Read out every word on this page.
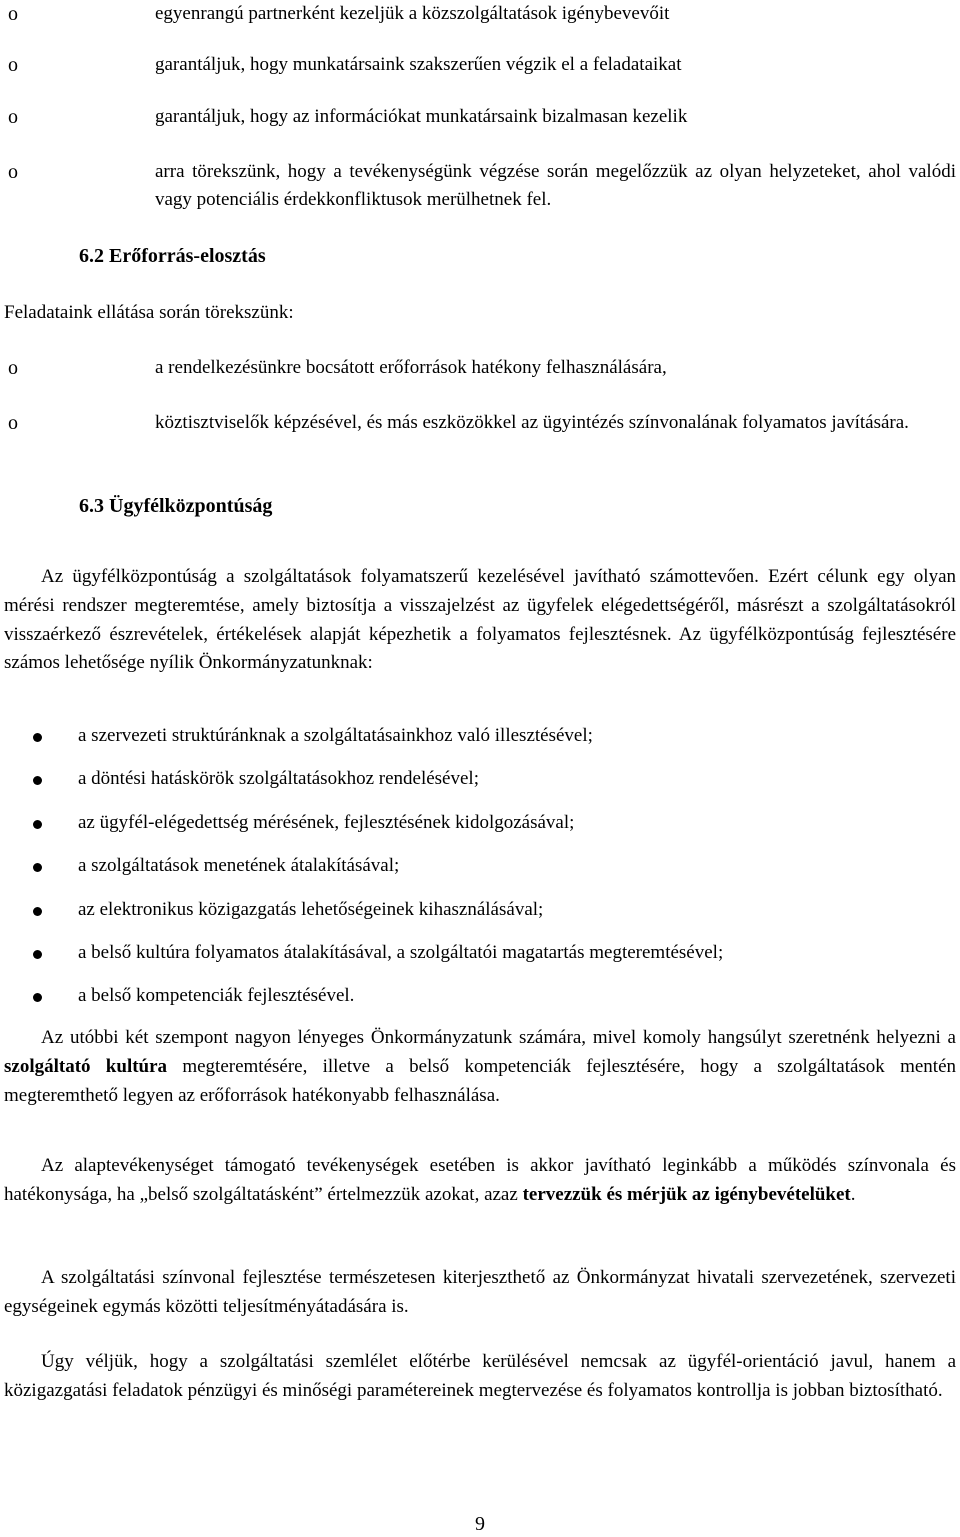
o	egyenrangú partnerként kezeljük a közszolgáltatások igénybevevőit
o	garantáljuk, hogy munkatársaink szakszerűen végzik el a feladataikat
o	garantáljuk, hogy az információkat munkatársaink bizalmasan kezelik
o	arra törekszünk, hogy a tevékenységünk végzése során megelőzzük az olyan helyzeteket, ahol valódi vagy potenciális érdekkonfliktusok merülhetnek fel.
6.2 Erőforrás-elosztás
Feladataink ellátása során törekszünk:
o	a rendelkezésünkre bocsátott erőforrások hatékony felhasználására,
o	köztisztviselők képzésével, és más eszközökkel az ügyintézés színvonalának folyamatos javítására.
6.3 Ügyfélközpontúság
Az ügyfélközpontúság a szolgáltatások folyamatszerű kezelésével javítható számottevően. Ezért célunk egy olyan mérési rendszer megteremtése, amely biztosítja a visszajelzést az ügyfelek elégedettségéről, másrészt a szolgáltatásokról visszaérkező észrevételek, értékelések alapját képezhetik a folyamatos fejlesztésnek. Az ügyfélközpontúság fejlesztésére számos lehetősége nyílik Önkormányzatunknak:
a szervezeti struktúránknak a szolgáltatásainkhoz való illesztésével;
a döntési hatáskörök szolgáltatásokhoz rendelésével;
az ügyfél-elégedettség mérésének, fejlesztésének kidolgozásával;
a szolgáltatások menetének átalakításával;
az elektronikus közigazgatás lehetőségeinek kihasználásával;
a belső kultúra folyamatos átalakításával, a szolgáltatói magatartás megteremtésével;
a belső kompetenciák fejlesztésével.
Az utóbbi két szempont nagyon lényeges Önkormányzatunk számára, mivel komoly hangsúlyt szeretnénk helyezni a szolgáltató kultúra megteremtésére, illetve a belső kompetenciák fejlesztésére, hogy a szolgáltatások mentén megteremthető legyen az erőforrások hatékonyabb felhasználása.
Az alaptevékenységet támogató tevékenységek esetében is akkor javítható leginkább a működés színvonala és hatékonysága, ha „belső szolgáltatásként” értelmezzük azokat, azaz tervezzük és mérjük az igénybevételüket.
A szolgáltatási színvonal fejlesztése természetesen kiterjeszthető az Önkormányzat hivatali szervezetének, szervezeti egységeinek egymás közötti teljesítményátadására is.
Úgy véljük, hogy a szolgáltatási szemlélet előtérbe kerülésével nemcsak az ügyfél-orientáció javul, hanem a közigazgatási feladatok pénzügyi és minőségi paramétereinek megtervezése és folyamatos kontrollja is jobban biztosítható.
9
